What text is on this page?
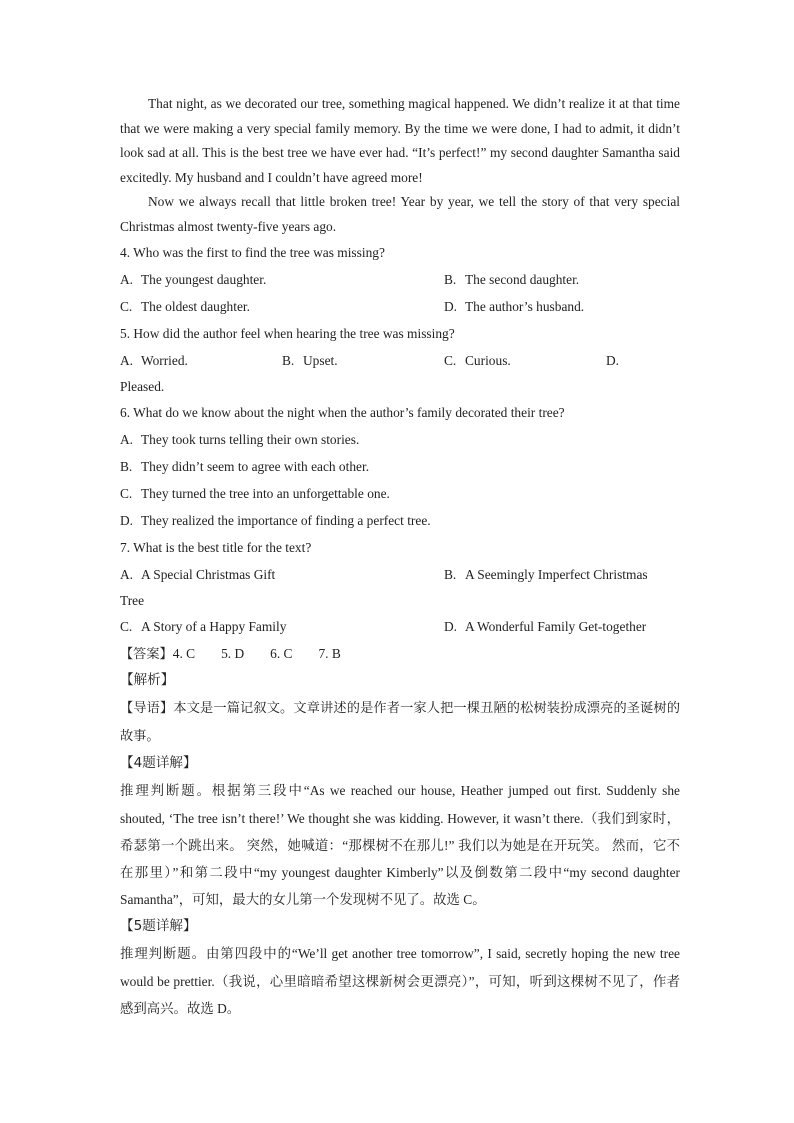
That night, as we decorated our tree, something magical happened. We didn’t realize it at that time that we were making a very special family memory. By the time we were done, I had to admit, it didn’t look sad at all. This is the best tree we have ever had. “It’s perfect!” my second daughter Samantha said excitedly. My husband and I couldn’t have agreed more!

Now we always recall that little broken tree! Year by year, we tell the story of that very special Christmas almost twenty-five years ago.

4. Who was the first to find the tree was missing?

A. The youngest daughter.	B. The second daughter.
C. The oldest daughter.	D. The author’s husband.

5. How did the author feel when hearing the tree was missing?

A. Worried.	B. Upset.	C. Curious.	D.
Pleased.

6. What do we know about the night when the author’s family decorated their tree?

A. They took turns telling their own stories.
B. They didn’t seem to agree with each other.
C. They turned the tree into an unforgettable one.
D. They realized the importance of finding a perfect tree.

7. What is the best title for the text?

A. A Special Christmas Gift	B. A Seemingly Imperfect Christmas
Tree
C. A Story of a Happy Family	D. A Wonderful Family Get-together
【答案】4. C 5. D 6. C 7. B

【解析】

【导语】本文是一篇记叙文。文章讲述的是作者一家人把一棵丑陋的松树装扮成漂亮的圣诞树的故事。

【4题详解】

推理判断题。根据第三段中“As we reached our house, Heather jumped out first. Suddenly she shouted, ‘The tree isn’t there!’ We thought she was kidding. However, it wasn’t there.（我们到家时，希瑟第一个跳出来。 突然，她喊道：“那棵树不在那儿!” 我们以为她是在开玩笑。 然而，它不在那里）”和第二段中“my youngest daughter Kimberly”以及倒数第二段中“my second daughter Samantha”，可知，最大的女儿第一个发现树不见了。故选 C。

【5题详解】

推理判断题。由第四段中的“We’ll get another tree tomorrow”, I said, secretly hoping the new tree would be prettier.（我说，心里暗暗希望这棵新树会更漂亮）”，可知，听到这棵树不见了，作者感到高兴。故选 D。
